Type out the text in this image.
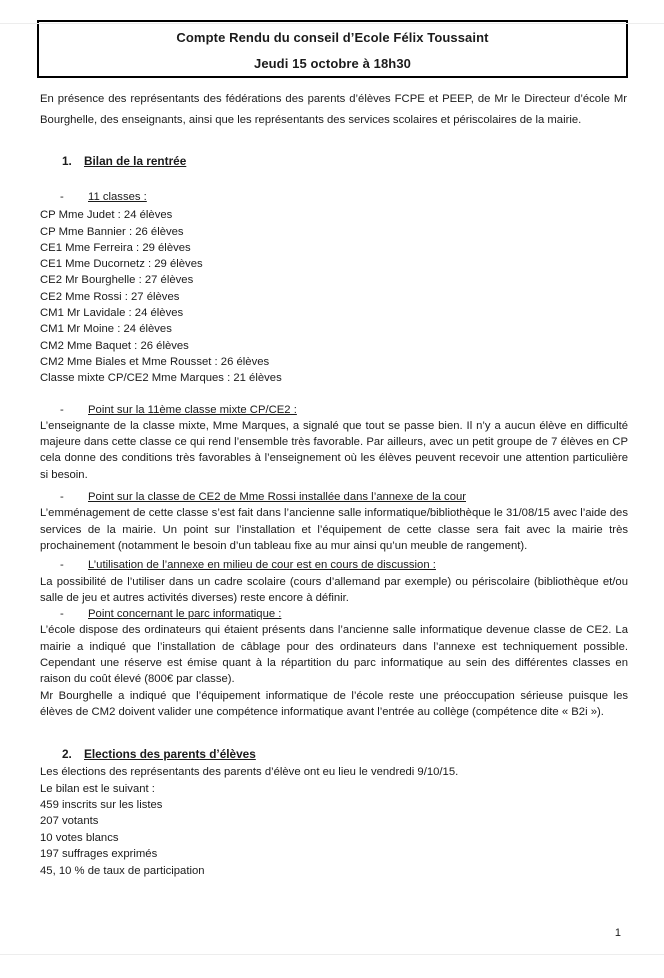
Compte Rendu du conseil d’Ecole Félix Toussaint
Jeudi 15 octobre à 18h30
En présence des représentants des fédérations des parents d’élèves FCPE et PEEP, de Mr le Directeur d’école Mr Bourghelle, des enseignants, ainsi que les représentants des services scolaires et périscolaires de la mairie.
1. Bilan de la rentrée
- 11 classes :
CP Mme Judet : 24 élèves
CP Mme Bannier : 26 élèves
CE1 Mme Ferreira : 29 élèves
CE1 Mme Ducornetz : 29 élèves
CE2 Mr Bourghelle : 27 élèves
CE2 Mme Rossi : 27 élèves
CM1 Mr Lavidale : 24 élèves
CM1 Mr Moine : 24 élèves
CM2 Mme Baquet : 26 élèves
CM2 Mme Biales et Mme Rousset : 26 élèves
Classe mixte CP/CE2 Mme Marques : 21 élèves
- Point sur la 11ème classe mixte CP/CE2 :
L’enseignante de la classe mixte, Mme Marques, a signalé que tout se passe bien. Il n’y a aucun élève en difficulté majeure dans cette classe ce qui rend l’ensemble très favorable. Par ailleurs, avec un petit groupe de 7 élèves en CP cela donne des conditions très favorables à l’enseignement où les élèves peuvent recevoir une attention particulière si besoin.
- Point sur la classe de CE2 de Mme Rossi installée dans l’annexe de la cour
L’emménagement de cette classe s’est fait dans l’ancienne salle informatique/bibliothèque le 31/08/15 avec l’aide des services de la mairie. Un point sur l’installation et l’équipement de cette classe sera fait avec la mairie très prochainement (notamment le besoin d’un tableau fixe au mur ainsi qu’un meuble de rangement).
- L’utilisation de l’annexe en milieu de cour est en cours de discussion :
La possibilité de l’utiliser dans un cadre scolaire (cours d’allemand par exemple) ou périscolaire (bibliothèque et/ou salle de jeu et autres activités diverses) reste encore à définir.
- Point concernant le parc informatique :
L’école dispose des ordinateurs qui étaient présents dans l’ancienne salle informatique devenue classe de CE2. La mairie a indiqué que l’installation de câblage pour des ordinateurs dans l’annexe est techniquement possible. Cependant une réserve est émise quant à la répartition du parc informatique au sein des différentes classes en raison du coût élevé (800€ par classe).
Mr Bourghelle a indiqué que l’équipement informatique de l’école reste une préoccupation sérieuse puisque les élèves de CM2 doivent valider une compétence informatique avant l’entrée au collège (compétence dite « B2i »).
2. Elections des parents d’élèves
Les élections des représentants des parents d’élève ont eu lieu le vendredi 9/10/15.
Le bilan est le suivant :
459 inscrits sur les listes
207 votants
10 votes blancs
197 suffrages exprimés
45, 10 % de taux de participation
1
